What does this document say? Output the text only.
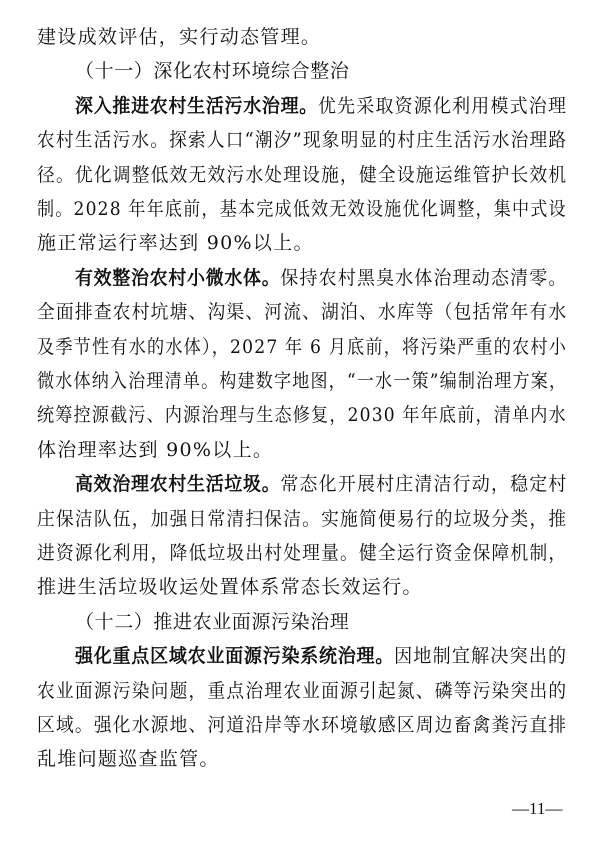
建设成效评估，实行动态管理。
（十一）深化农村环境综合整治
深入推进农村生活污水治理。优先采取资源化利用模式治理
农村生活污水。探索人口“潮汐”现象明显的村庄生活污水治理路
径。优化调整低效无效污水处理设施，健全设施运维管护长效机
制。2028 年年底前，基本完成低效无效设施优化调整，集中式设
施正常运行率达到 90%以上。
有效整治农村小微水体。保持农村黑臭水体治理动态清零。
全面排查农村坑塘、沟渠、河流、湖泊、水库等（包括常年有水
及季节性有水的水体），2027 年 6 月底前，将污染严重的农村小
微水体纳入治理清单。构建数字地图，“一水一策”编制治理方案，
统筹控源截污、内源治理与生态修复，2030 年年底前，清单内水
体治理率达到 90%以上。
高效治理农村生活垃圾。常态化开展村庄清洁行动，稳定村
庄保洁队伍，加强日常清扫保洁。实施简便易行的垃圾分类，推
进资源化利用，降低垃圾出村处理量。健全运行资金保障机制，
推进生活垃圾收运处置体系常态长效运行。
（十二）推进农业面源污染治理
强化重点区域农业面源污染系统治理。因地制宜解决突出的
农业面源污染问题，重点治理农业面源引起氮、磷等污染突出的
区域。强化水源地、河道沿岸等水环境敏感区周边畜禽粪污直排
乱堆问题巡查监管。
—11—
